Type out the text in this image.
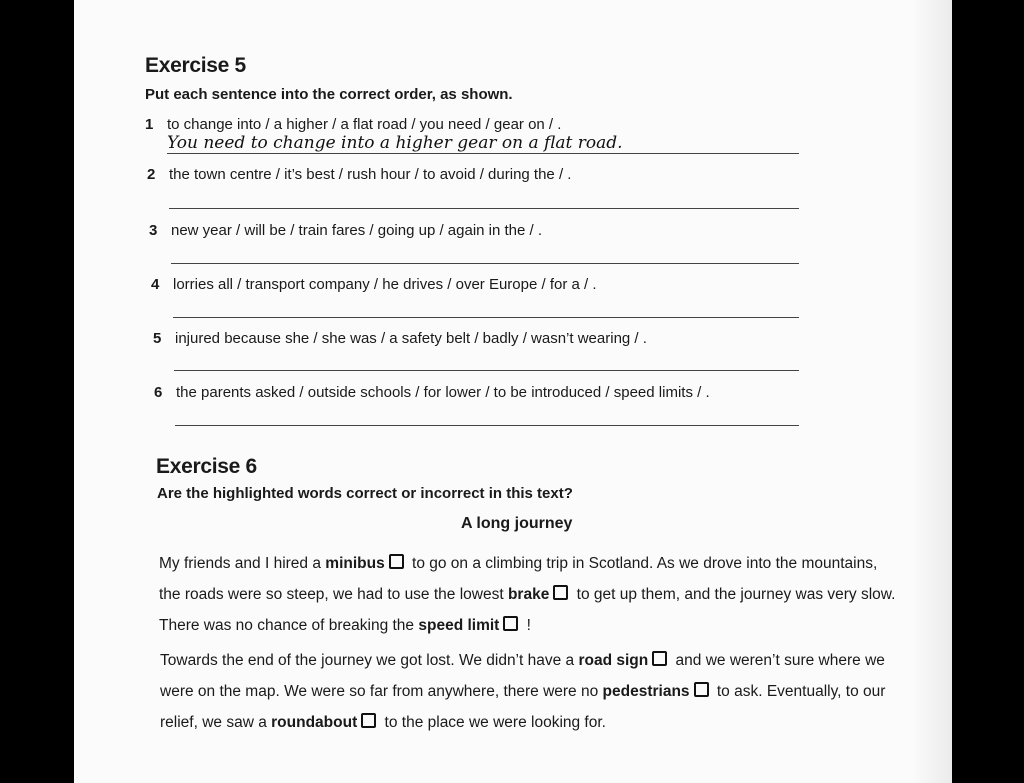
Exercise 5
Put each sentence into the correct order, as shown.
1 to change into / a higher / a flat road / you need / gear on / .
You need to change into a higher gear on a flat road.
2 the town centre / it’s best / rush hour / to avoid / during the / .
3 new year / will be / train fares / going up / again in the / .
4 lorries all / transport company / he drives / over Europe / for a / .
5 injured because she / she was / a safety belt / badly / wasn’t wearing / .
6 the parents asked / outside schools / for lower / to be introduced / speed limits / .
Exercise 6
Are the highlighted words correct or incorrect in this text?
A long journey
My friends and I hired a minibus to go on a climbing trip in Scotland. As we drove into the mountains, the roads were so steep, we had to use the lowest brake to get up them, and the journey was very slow. There was no chance of breaking the speed limit !
Towards the end of the journey we got lost. We didn’t have a road sign and we weren’t sure where we were on the map. We were so far from anywhere, there were no pedestrians to ask. Eventually, to our relief, we saw a roundabout to the place we were looking for.
